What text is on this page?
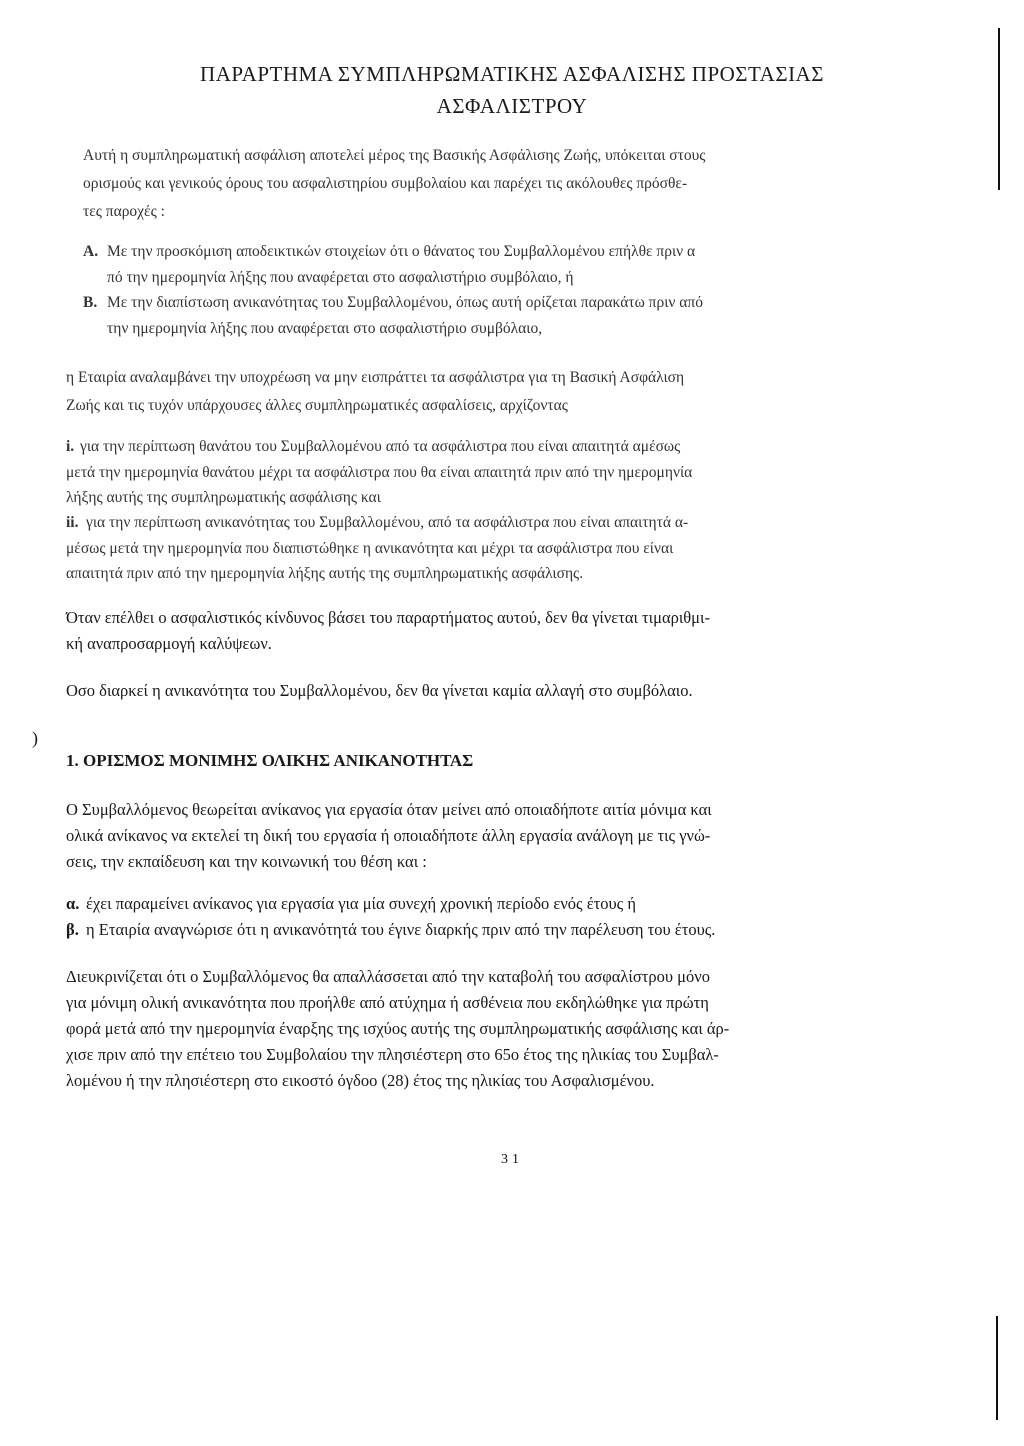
ΠΑΡΑΡΤΗΜΑ ΣΥΜΠΛΗΡΩΜΑΤΙΚΗΣ ΑΣΦΑΛΙΣΗΣ ΠΡΟΣΤΑΣΙΑΣ
ΑΣΦΑΛΙΣΤΡΟΥ
Αυτή η συμπληρωματική ασφάλιση αποτελεί μέρος της Βασικής Ασφάλισης Ζωής, υπόκειται στους
ορισμούς και γενικούς όρους του ασφαλιστηρίου συμβολαίου και παρέχει τις ακόλουθες πρόσθε-
τες παροχές :
Α. Με την προσκόμιση αποδεικτικών στοιχείων ότι ο θάνατος του Συμβαλλομένου επήλθε πριν α
πό την ημερομηνία λήξης που αναφέρεται στο ασφαλιστήριο συμβόλαιο, ή
Β. Με την διαπίστωση ανικανότητας του Συμβαλλομένου, όπως αυτή ορίζεται παρακάτω πριν από
την ημερομηνία λήξης που αναφέρεται στο ασφαλιστήριο συμβόλαιο,
η Εταιρία αναλαμβάνει την υποχρέωση να μην εισπράττει τα ασφάλιστρα για τη Βασική Ασφάλιση
Ζωής και τις τυχόν υπάρχουσες άλλες συμπληρωματικές ασφαλίσεις, αρχίζοντας
i. για την περίπτωση θανάτου του Συμβαλλομένου από τα ασφάλιστρα που είναι απαιτητά αμέσως
μετά την ημερομηνία θανάτου μέχρι τα ασφάλιστρα που θα είναι απαιτητά πριν από την ημερομηνία
λήξης αυτής της συμπληρωματικής ασφάλισης και
ii. για την περίπτωση ανικανότητας του Συμβαλλομένου, από τα ασφάλιστρα που είναι απαιτητά α-
μέσως μετά την ημερομηνία που διαπιστώθηκε η ανικανότητα και μέχρι τα ασφάλιστρα που είναι
απαιτητά πριν από την ημερομηνία λήξης αυτής της συμπληρωματικής ασφάλισης.
Όταν επέλθει ο ασφαλιστικός κίνδυνος βάσει του παραρτήματος αυτού, δεν θα γίνεται τιμαριθμι-
κή αναπροσαρμογή καλύψεων.
Οσο διαρκεί η ανικανότητα του Συμβαλλομένου, δεν θα γίνεται καμία αλλαγή στο συμβόλαιο.
)
1. ΟΡΙΣΜΟΣ ΜΟΝΙΜΗΣ ΟΛΙΚΗΣ ΑΝΙΚΑΝΟΤΗΤΑΣ
Ο Συμβαλλόμενος θεωρείται ανίκανος για εργασία όταν μείνει από οποιαδήποτε αιτία μόνιμα και
ολικά ανίκανος να εκτελεί τη δική του εργασία ή οποιαδήποτε άλλη εργασία ανάλογη με τις γνώ-
σεις, την εκπαίδευση και την κοινωνική του θέση και :
α. έχει παραμείνει ανίκανος για εργασία για μία συνεχή χρονική περίοδο ενός έτους ή
β. η Εταιρία αναγνώρισε ότι η ανικανότητά του έγινε διαρκής πριν από την παρέλευση του έτους.
Διευκρινίζεται ότι ο Συμβαλλόμενος θα απαλλάσσεται από την καταβολή του ασφαλίστρου μόνο
για μόνιμη ολική ανικανότητα που προήλθε από ατύχημα ή ασθένεια που εκδηλώθηκε για πρώτη
φορά μετά από την ημερομηνία έναρξης της ισχύος αυτής της συμπληρωματικής ασφάλισης και άρ-
χισε πριν από την επέτειο του Συμβολαίου την πλησιέστερη στο 65ο έτος της ηλικίας του Συμβαλ-
λομένου ή την πλησιέστερη στο εικοστό όγδοο (28) έτος της ηλικίας του Ασφαλισμένου.
31
